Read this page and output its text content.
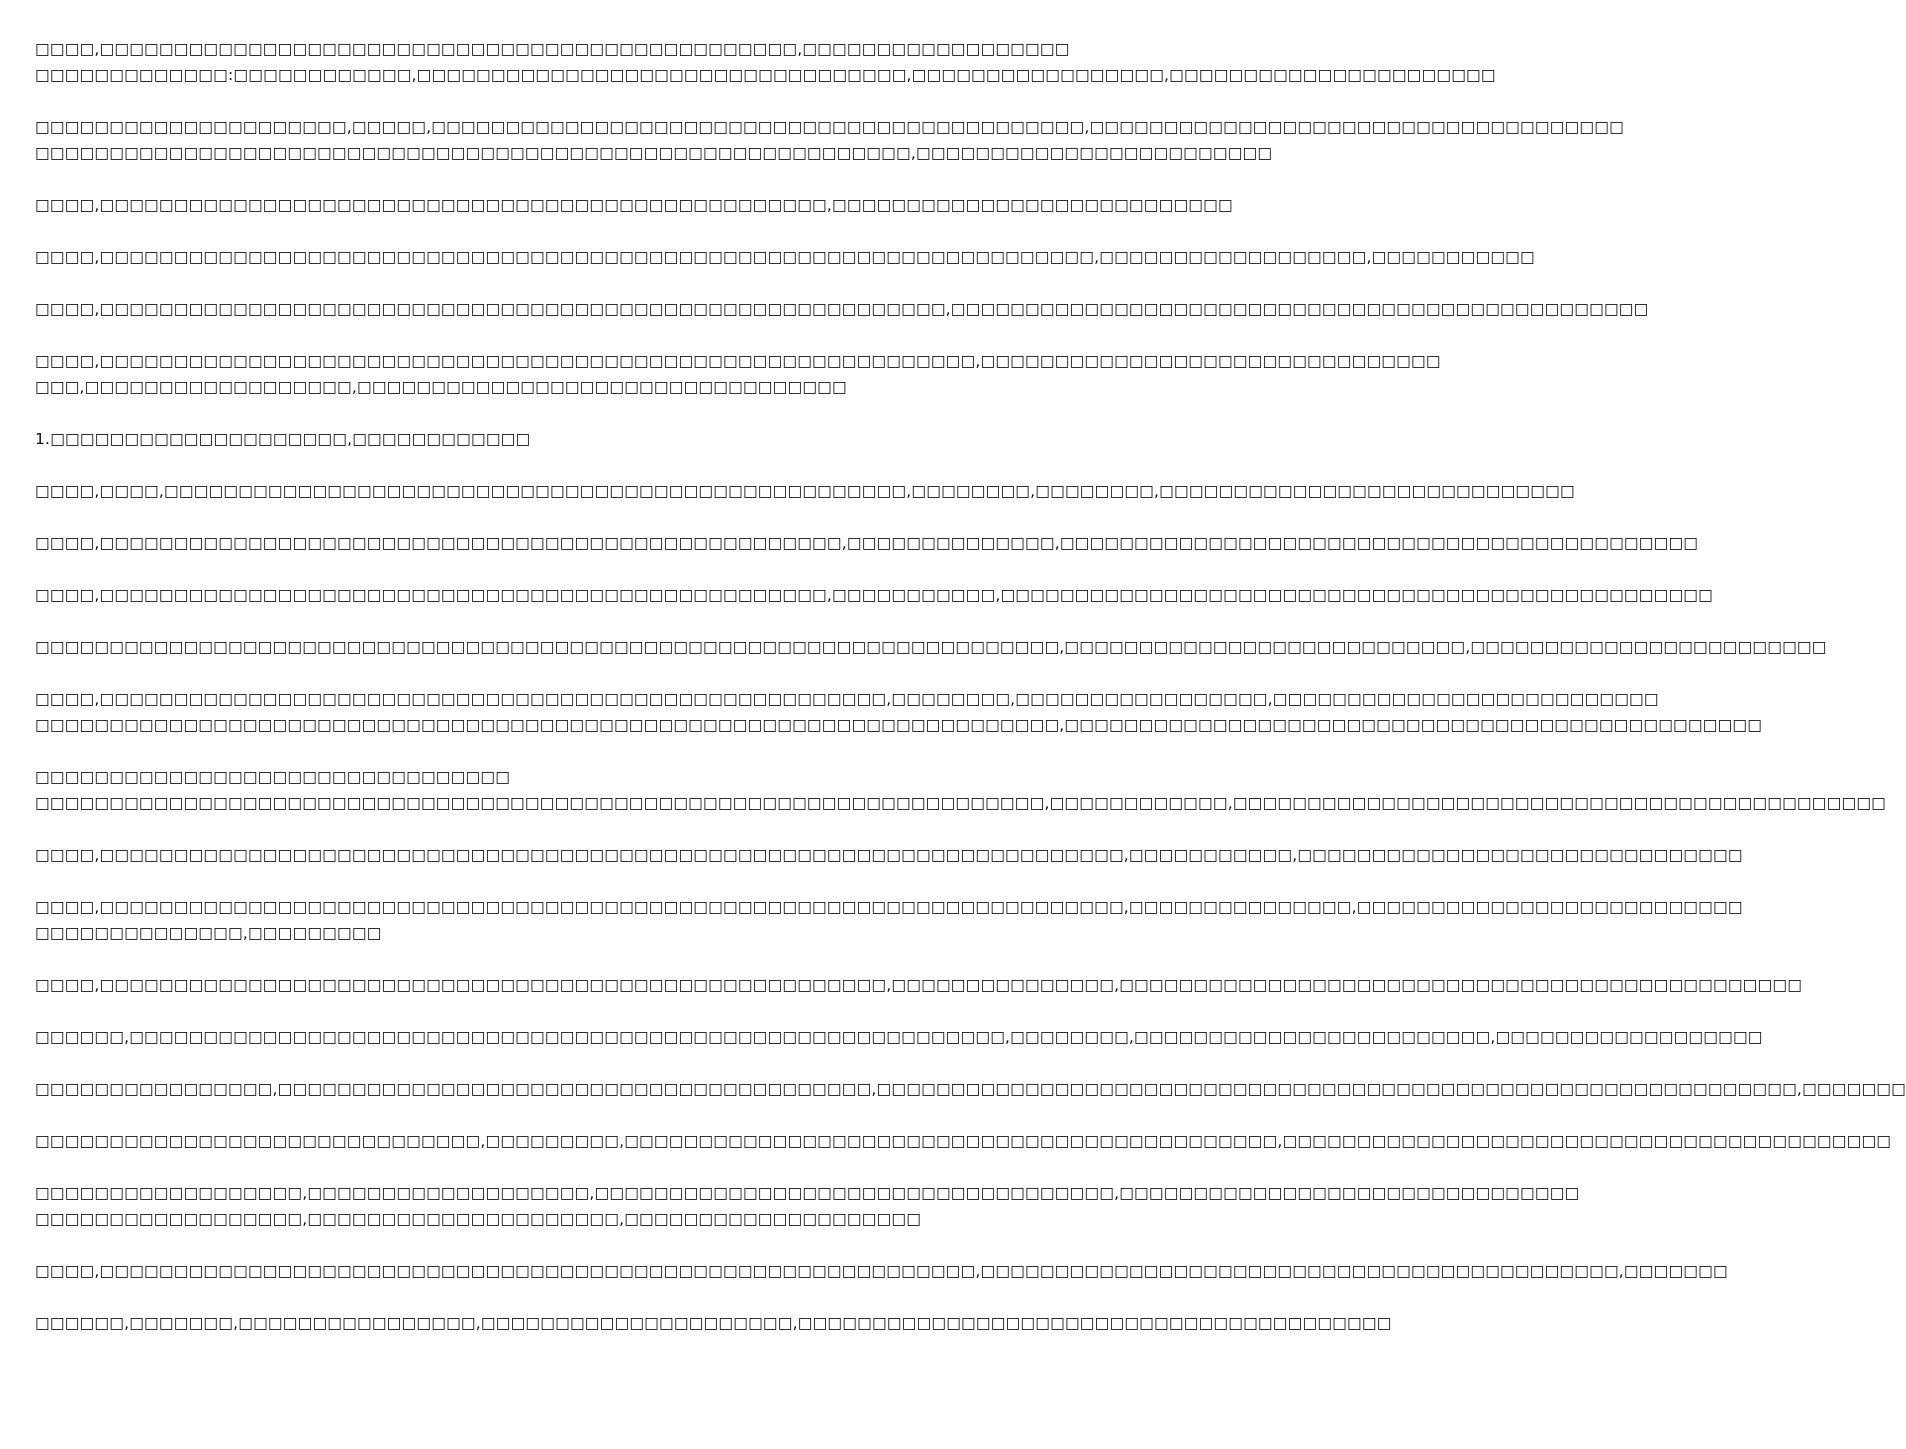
□□□□,□□□□□□□□□□□□□□□□□□□□□□□□□□□□□□□□□□□□□□□□□□□□□□□,□□□□□□□□□□□□□□□□□□
□□□□□□□□□□□□□:□□□□□□□□□□□□,□□□□□□□□□□□□□□□□□□□□□□□□□□□□□□□□□,□□□□□□□□□□□□□□□□□,□□□□□□□□□□□□□□□□□□□□□□
□□□□□□□□□□□□□□□□□□□□□,□□□□□,□□□□□□□□□□□□□□□□□□□□□□□□□□□□□□□□□□□□□□□□□□□□,□□□□□□□□□□□□□□□□□□□□□□□□□□□□□□□□□□□□
□□□□□□□□□□□□□□□□□□□□□□□□□□□□□□□□□□□□□□□□□□□□□□□□□□□□□□□□□□□,□□□□□□□□□□□□□□□□□□□□□□□□
□□□□,□□□□□□□□□□□□□□□□□□□□□□□□□□□□□□□□□□□□□□□□□□□□□□□□□,□□□□□□□□□□□□□□□□□□□□□□□□□□□
□□□□,□□□□□□□□□□□□□□□□□□□□□□□□□□□□□□□□□□□□□□□□□□□□□□□□□□□□□□□□□□□□□□□□□□□,□□□□□□□□□□□□□□□□□□,□□□□□□□□□□□
□□□□,□□□□□□□□□□□□□□□□□□□□□□□□□□□□□□□□□□□□□□□□□□□□□□□□□□□□□□□□□,□□□□□□□□□□□□□□□□□□□□□□□□□□□□□□□□□□□□□□□□□□□□□□□
□□□□,□□□□□□□□□□□□□□□□□□□□□□□□□□□□□□□□□□□□□□□□□□□□□□□□□□□□□□□□□□□,□□□□□□□□□□□□□□□□□□□□□□□□□□□□□□□
□□□,□□□□□□□□□□□□□□□□□□,□□□□□□□□□□□□□□□□□□□□□□□□□□□□□□□□□
1.□□□□□□□□□□□□□□□□□□□□,□□□□□□□□□□□□
□□□□,□□□□,□□□□□□□□□□□□□□□□□□□□□□□□□□□□□□□□□□□□□□□□□□□□□□□□□□,□□□□□□□□,□□□□□□□□,□□□□□□□□□□□□□□□□□□□□□□□□□□□□
□□□□,□□□□□□□□□□□□□□□□□□□□□□□□□□□□□□□□□□□□□□□□□□□□□□□□□□,□□□□□□□□□□□□□□,□□□□□□□□□□□□□□□□□□□□□□□□□□□□□□□□□□□□□□□□□□□
□□□□,□□□□□□□□□□□□□□□□□□□□□□□□□□□□□□□□□□□□□□□□□□□□□□□□□,□□□□□□□□□□□,□□□□□□□□□□□□□□□□□□□□□□□□□□□□□□□□□□□□□□□□□□□□□□□□
□□□□□□□□□□□□□□□□□□□□□□□□□□□□□□□□□□□□□□□□□□□□□□□□□□□□□□□□□□□□□□□□□□□□□,□□□□□□□□□□□□□□□□□□□□□□□□□□□,□□□□□□□□□□□□□□□□□□□□□□□□
□□□□,□□□□□□□□□□□□□□□□□□□□□□□□□□□□□□□□□□□□□□□□□□□□□□□□□□□□□,□□□□□□□□,□□□□□□□□□□□□□□□□□,□□□□□□□□□□□□□□□□□□□□□□□□□□
□□□□□□□□□□□□□□□□□□□□□□□□□□□□□□□□□□□□□□□□□□□□□□□□□□□□□□□□□□□□□□□□□□□□□,□□□□□□□□□□□□□□□□□□□□□□□□□□□□□□□□□□□□□□□□□□□□□□□
□□□□□□□□□□□□□□□□□□□□□□□□□□□□□□□□
□□□□□□□□□□□□□□□□□□□□□□□□□□□□□□□□□□□□□□□□□□□□□□□□□□□□□□□□□□□□□□□□□□□□,□□□□□□□□□□□□,□□□□□□□□□□□□□□□□□□□□□□□□□□□□□□□□□□□□□□□□□□□□
□□□□,□□□□□□□□□□□□□□□□□□□□□□□□□□□□□□□□□□□□□□□□□□□□□□□□□□□□□□□□□□□□□□□□□□□□□,□□□□□□□□□□□,□□□□□□□□□□□□□□□□□□□□□□□□□□□□□□
□□□□,□□□□□□□□□□□□□□□□□□□□□□□□□□□□□□□□□□□□□□□□□□□□□□□□□□□□□□□□□□□□□□□□□□□□□,□□□□□□□□□□□□□□□,□□□□□□□□□□□□□□□□□□□□□□□□□□
□□□□□□□□□□□□□□,□□□□□□□□□
□□□□,□□□□□□□□□□□□□□□□□□□□□□□□□□□□□□□□□□□□□□□□□□□□□□□□□□□□□,□□□□□□□□□□□□□□□,□□□□□□□□□□□□□□□□□□□□□□□□□□□□□□□□□□□□□□□□□□□□□□
□□□□□□,□□□□□□□□□□□□□□□□□□□□□□□□□□□□□□□□□□□□□□□□□□□□□□□□□□□□□□□□□□□,□□□□□□□□,□□□□□□□□□□□□□□□□□□□□□□□□,□□□□□□□□□□□□□□□□□□
□□□□□□□□□□□□□□□□,□□□□□□□□□□□□□□□□□□□□□□□□□□□□□□□□□□□□□□□□,□□□□□□□□□□□□□□□□□□□□□□□□□□□□□□□□□□□□□□□□□□□□□□□□□□□□□□□□□□□□□□,□□□□□□□
□□□□□□□□□□□□□□□□□□□□□□□□□□□□□□,□□□□□□□□□,□□□□□□□□□□□□□□□□□□□□□□□□□□□□□□□□□□□□□□□□□□□□,□□□□□□□□□□□□□□□□□□□□□□□□□□□□□□□□□□□□□□□□□
□□□□□□□□□□□□□□□□□□,□□□□□□□□□□□□□□□□□□□,□□□□□□□□□□□□□□□□□□□□□□□□□□□□□□□□□□□,□□□□□□□□□□□□□□□□□□□□□□□□□□□□□□□
□□□□□□□□□□□□□□□□□□,□□□□□□□□□□□□□□□□□□□□□,□□□□□□□□□□□□□□□□□□□□
□□□□,□□□□□□□□□□□□□□□□□□□□□□□□□□□□□□□□□□□□□□□□□□□□□□□□□□□□□□□□□□□,□□□□□□□□□□□□□□□□□□□□□□□□□□□□□□□□□□□□□□□□□□□,□□□□□□□
□□□□□□,□□□□□□□,□□□□□□□□□□□□□□□□,□□□□□□□□□□□□□□□□□□□□□,□□□□□□□□□□□□□□□□□□□□□□□□□□□□□□□□□□□□□□□□
